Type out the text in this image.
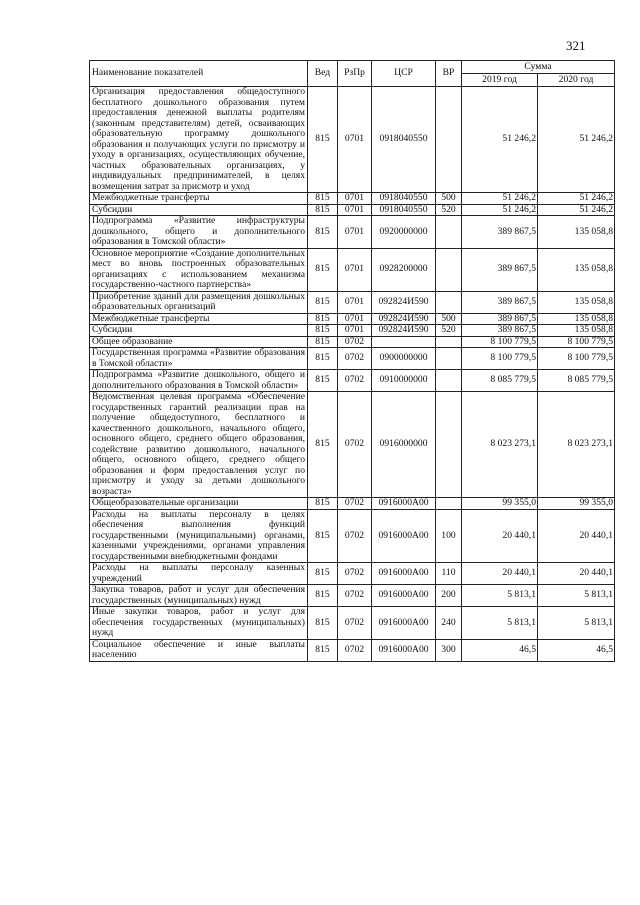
321
Наименование показателей	Вед	РзПр	ЦСР	ВР	Сумма	
					2019 год	2020 год
Организация предоставления общедоступного бесплатного дошкольного образования путем предоставления денежной выплаты родителям (законным представителям) детей, осваивающих образовательную программу дошкольного образования и получающих услуги по присмотру и уходу в организациях, осуществляющих обучение, частных образовательных организациях, у индивидуальных предпринимателей, в целях возмещения затрат за присмотр и уход	815	0701	0918040550		51 246,2	51 246,2
Межбюджетные трансферты	815	0701	0918040550	500	51 246,2	51 246,2
Субсидии	815	0701	0918040550	520	51 246,2	51 246,2
Подпрограмма «Развитие инфраструктуры дошкольного, общего и дополнительного образования в Томской области»	815	0701	0920000000		389 867,5	135 058,8
Основное мероприятие «Создание дополнительных мест во вновь построенных образовательных организациях с использованием механизма государственно-частного партнерства»	815	0701	0928200000		389 867,5	135 058,8
Приобретение зданий для размещения дошкольных образовательных организаций	815	0701	092824И590		389 867,5	135 058,8
Межбюджетные трансферты	815	0701	092824И590	500	389 867,5	135 058,8
Субсидии	815	0701	092824И590	520	389 867,5	135 058,8
Общее образование	815	0702			8 100 779,5	8 100 779,5
Государственная программа «Развитие образования в Томской области»	815	0702	0900000000		8 100 779,5	8 100 779,5
Подпрограмма «Развитие дошкольного, общего и дополнительного образования в Томской области»	815	0702	0910000000		8 085 779,5	8 085 779,5
Ведомственная целевая программа «Обеспечение государственных гарантий реализации прав на получение общедоступного, бесплатного и качественного дошкольного, начального общего, основного общего, среднего общего образования, содействие развитию дошкольного, начального общего, основного общего, среднего общего образования и форм предоставления услуг по присмотру и уходу за детьми дошкольного возраста»	815	0702	0916000000		8 023 273,1	8 023 273,1
Общеобразовательные организации	815	0702	0916000А00		99 355,0	99 355,0
Расходы на выплаты персоналу в целях обеспечения выполнения функций государственными (муниципальными) органами, казенными учреждениями, органами управления государственными внебюджетными фондами	815	0702	0916000А00	100	20 440,1	20 440,1
Расходы на выплаты персоналу казенных учреждений	815	0702	0916000А00	110	20 440,1	20 440,1
Закупка товаров, работ и услуг для обеспечения государственных (муниципальных) нужд	815	0702	0916000А00	200	5 813,1	5 813,1
Иные закупки товаров, работ и услуг для обеспечения государственных (муниципальных) нужд	815	0702	0916000А00	240	5 813,1	5 813,1
Социальное обеспечение и иные выплаты населению	815	0702	0916000А00	300	46,5	46,5
